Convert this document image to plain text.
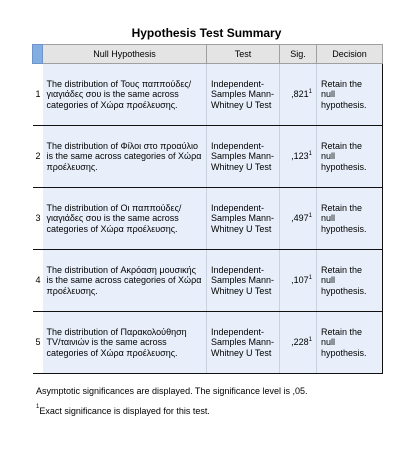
Hypothesis Test Summary
	Null Hypothesis	Test	Sig.	Decision
1	The distribution of Τους παππούδες/γιαγιάδες σου is the same across categories of Χώρα προέλευσης.	Independent-Samples Mann-Whitney U Test	,821$^1$	Retain the null hypothesis.
2	The distribution of Φίλοι στο προαύλιο is the same across categories of Χώρα προέλευσης.	Independent-Samples Mann-Whitney U Test	,123$^1$	Retain the null hypothesis.
3	The distribution of Οι παππούδες/γιαγιάδες σου is the same across categories of Χώρα προέλευσης.	Independent-Samples Mann-Whitney U Test	,497$^1$	Retain the null hypothesis.
4	The distribution of Ακρόαση μουσικής is the same across categories of Χώρα προέλευσης.	Independent-Samples Mann-Whitney U Test	,107$^1$	Retain the null hypothesis.
5	The distribution of Παρακολούθηση TV/ταινιών is the same across categories of Χώρα προέλευσης.	Independent-Samples Mann-Whitney U Test	,228$^1$	Retain the null hypothesis.
Asymptotic significances are displayed. The significance level is ,05.
$^1$Exact significance is displayed for this test.
